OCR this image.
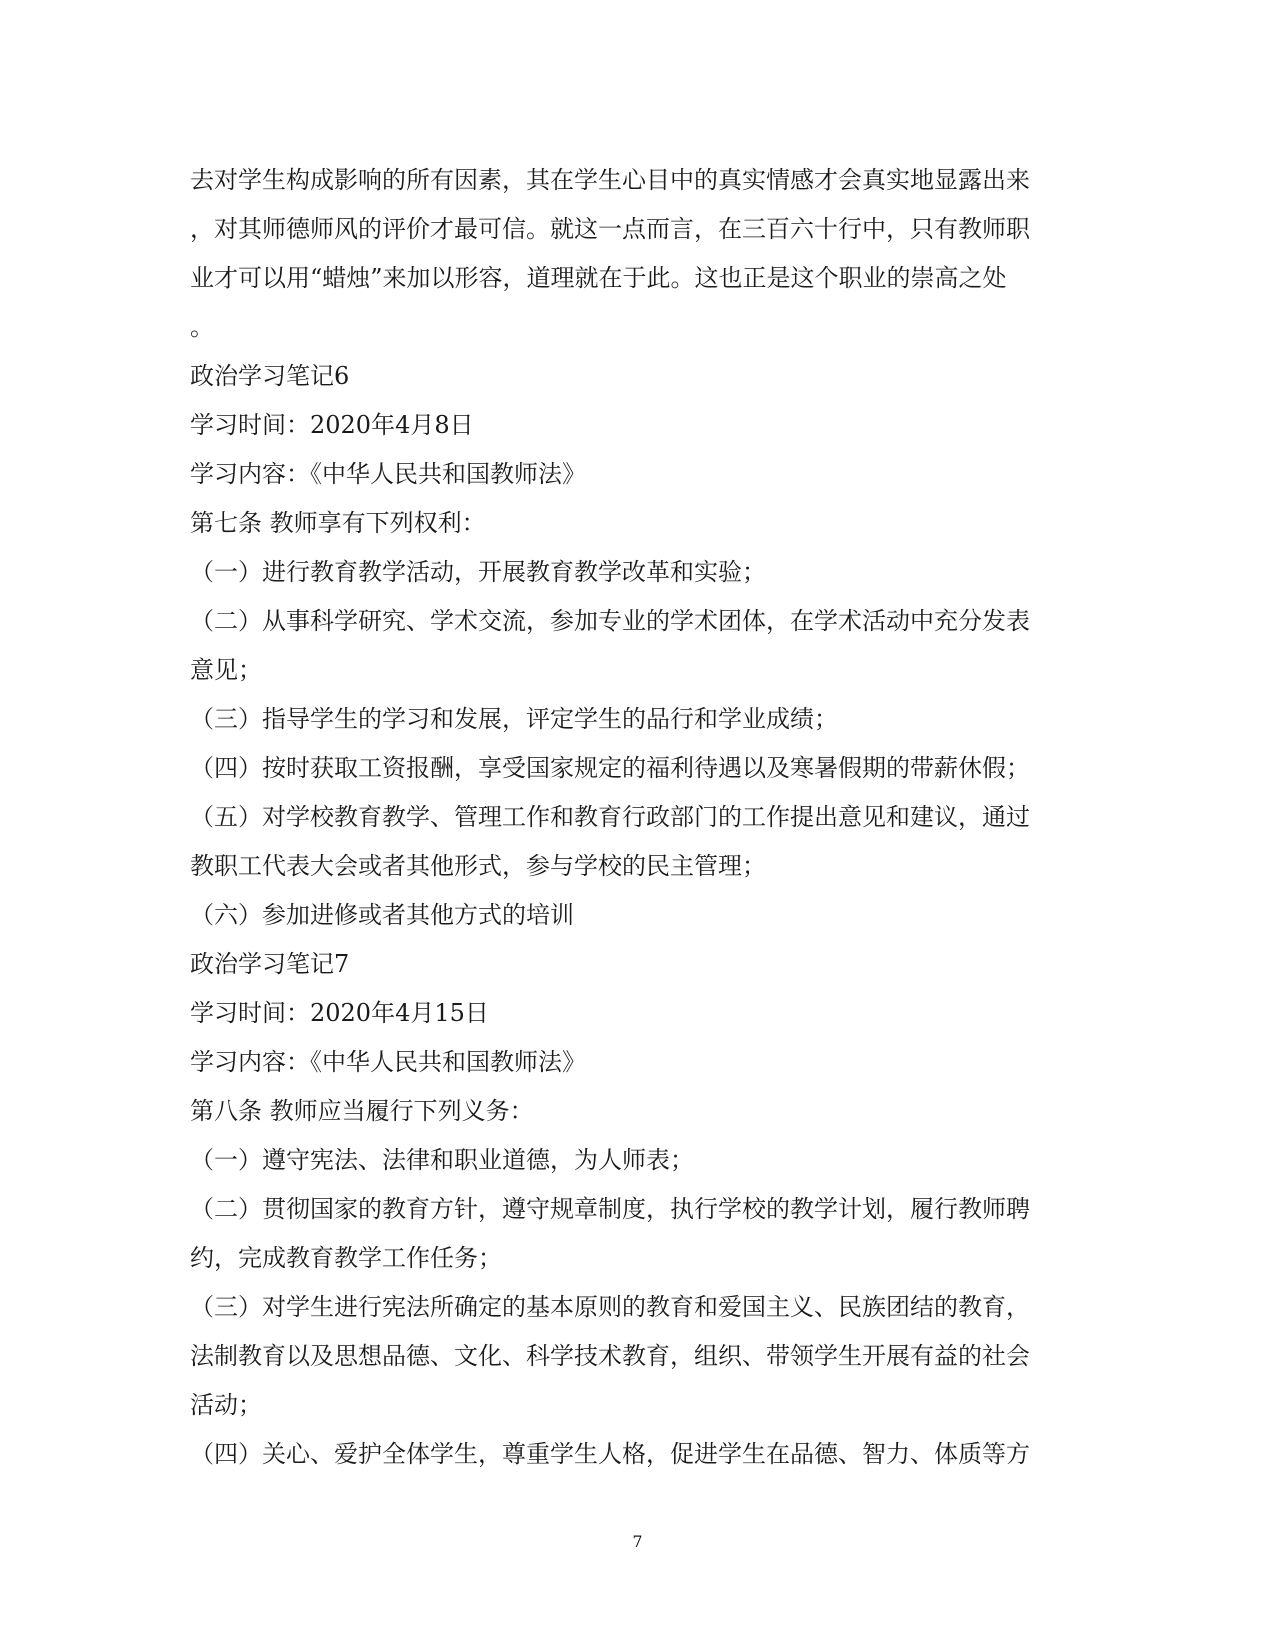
去对学生构成影响的所有因素，其在学生心目中的真实情感才会真实地显露出来
，对其师德师风的评价才最可信。就这一点而言，在三百六十行中，只有教师职
业才可以用“蜡烛”来加以形容，道理就在于此。这也正是这个职业的崇高之处
。
政治学习笔记6
学习时间：2020年4月8日
学习内容：《中华人民共和国教师法》
第七条 教师享有下列权利：
（一）进行教育教学活动，开展教育教学改革和实验；
（二）从事科学研究、学术交流，参加专业的学术团体，在学术活动中充分发表
意见；
（三）指导学生的学习和发展，评定学生的品行和学业成绩；
（四）按时获取工资报酬，享受国家规定的福利待遇以及寒暑假期的带薪休假；
（五）对学校教育教学、管理工作和教育行政部门的工作提出意见和建议，通过
教职工代表大会或者其他形式，参与学校的民主管理；
（六）参加进修或者其他方式的培训
政治学习笔记7
学习时间：2020年4月15日
学习内容：《中华人民共和国教师法》
第八条 教师应当履行下列义务：
（一）遵守宪法、法律和职业道德，为人师表；
（二）贯彻国家的教育方针，遵守规章制度，执行学校的教学计划，履行教师聘
约，完成教育教学工作任务；
（三）对学生进行宪法所确定的基本原则的教育和爱国主义、民族团结的教育，
法制教育以及思想品德、文化、科学技术教育，组织、带领学生开展有益的社会
活动；
（四）关心、爱护全体学生，尊重学生人格，促进学生在品德、智力、体质等方
7
